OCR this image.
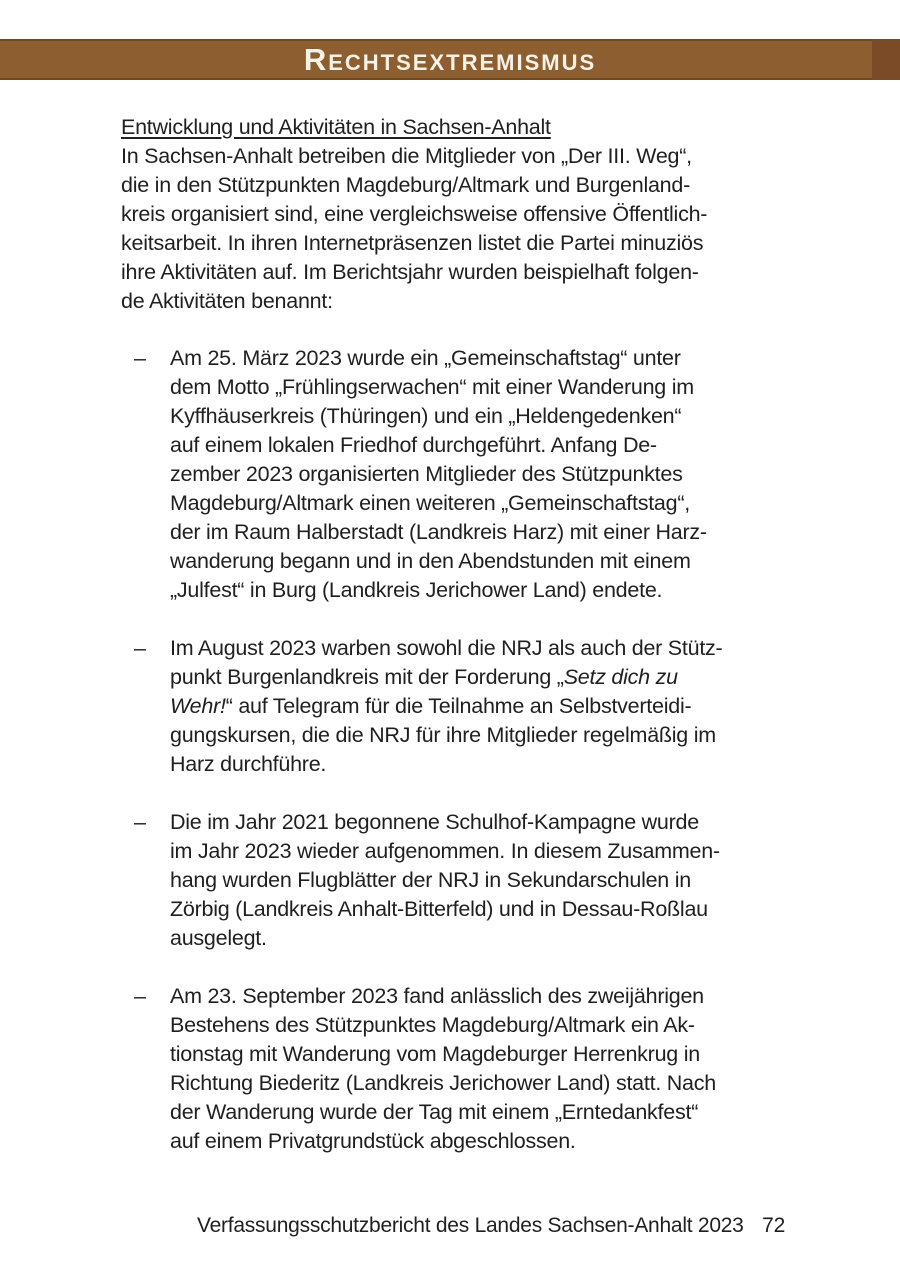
R ECHTSEXTREMISMUS
Entwicklung und Aktivitäten in Sachsen-Anhalt

In Sachsen-Anhalt betreiben die Mitglieder von „Der III. Weg“,
die in den Stützpunkten Magdeburg/Altmark und Burgenland-
kreis organisiert sind, eine vergleichsweise offensive Öffentlich-
keitsarbeit. In ihren Internetpräsenzen listet die Partei minuziös
ihre Aktivitäten auf. Im Berichtsjahr wurden beispielhaft folgen-
de Aktivitäten benannt:

– Am 25. März 2023 wurde ein „Gemeinschaftstag“ unter
dem Motto „Frühlingserwachen“ mit einer Wanderung im
Kyffhäuserkreis (Thüringen) und ein „Heldengedenken“
auf einem lokalen Friedhof durchgeführt. Anfang De-
zember 2023 organisierten Mitglieder des Stützpunktes
Magdeburg/Altmark einen weiteren „Gemeinschaftstag“,
der im Raum Halberstadt (Landkreis Harz) mit einer Harz-
wanderung begann und in den Abendstunden mit einem
„Julfest“ in Burg (Landkreis Jerichower Land) endete.
– Im August 2023 warben sowohl die NRJ als auch der Stütz-
punkt Burgenlandkreis mit der Forderung „Setz dich zu
Wehr!“ auf Telegram für die Teilnahme an Selbstverteidi-
gungskursen, die die NRJ für ihre Mitglieder regelmäßig im
Harz durchführe.
– Die im Jahr 2021 begonnene Schulhof-Kampagne wurde
im Jahr 2023 wieder aufgenommen. In diesem Zusammen-
hang wurden Flugblätter der NRJ in Sekundarschulen in
Zörbig (Landkreis Anhalt-Bitterfeld) und in Dessau-Roßlau
ausgelegt.
– Am 23. September 2023 fand anlässlich des zweijährigen
Bestehens des Stützpunktes Magdeburg/Altmark ein Ak-
tionstag mit Wanderung vom Magdeburger Herrenkrug in
Richtung Biederitz (Landkreis Jerichower Land) statt. Nach
der Wanderung wurde der Tag mit einem „Erntedankfest“
auf einem Privatgrundstück abgeschlossen.
Verfassungsschutzbericht des Landes Sachsen-Anhalt 2023 72
